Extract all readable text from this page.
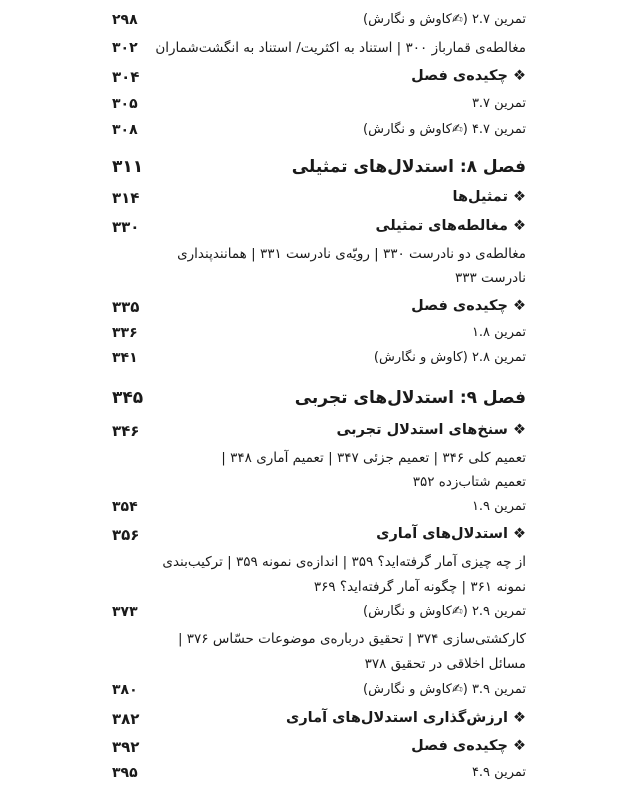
۲۹۸	تمرین ۲.۷ (✍کاوش و نگارش)
۳۰۲ مغالطه‌ی قمارباز ۳۰۰ | استناد به اکثریت/ استناد به انگشت‌شماران
۳۰۴	❖ چکیده‌ی فصل
۳۰۵	تمرین ۳.۷
۳۰۸	تمرین ۴.۷ (✍کاوش و نگارش)
۳۱۱	فصل ۸: استدلال‌های تمثیلی
۳۱۴	❖ تمثیل‌ها
۳۳۰	❖ مغالطه‌های تمثیلی
مغالطه‌ی دو نادرست ۳۳۰ | رویّه‌ی نادرست ۳۳۱ | همانندپنداری
نادرست ۳۳۳
۳۳۵	❖ چکیده‌ی فصل
۳۳۶	تمرین ۱.۸
۳۴۱	تمرین ۲.۸ (کاوش و نگارش)
۳۴۵	فصل ۹: استدلال‌های تجربی
۳۴۶	❖ سنخ‌های استدلال تجربی
تعمیم کلی ۳۴۶ | تعمیم جزئی ۳۴۷ | تعمیم آماری ۳۴۸ |
تعمیم شتاب‌زده ۳۵۲
۳۵۴	تمرین ۱.۹
۳۵۶	❖ استدلال‌های آماری
از چه چیزی آمار گرفته‌اید؟ ۳۵۹ | اندازه‌ی نمونه ۳۵۹ | ترکیب‌بندی
نمونه ۳۶۱ | چگونه آمار گرفته‌اید؟ ۳۶۹
۳۷۳	تمرین ۲.۹ (✍کاوش و نگارش)
کارکشتی‌سازی ۳۷۴ | تحقیق درباره‌ی موضوعات حسّاس ۳۷۶ |
مسائل اخلاقی در تحقیق ۳۷۸
۳۸۰	تمرین ۳.۹ (✍کاوش و نگارش)
۳۸۲	❖ ارزش‌گذاری استدلال‌های آماری
۳۹۲	❖ چکیده‌ی فصل
۳۹۵	تمرین ۴.۹
